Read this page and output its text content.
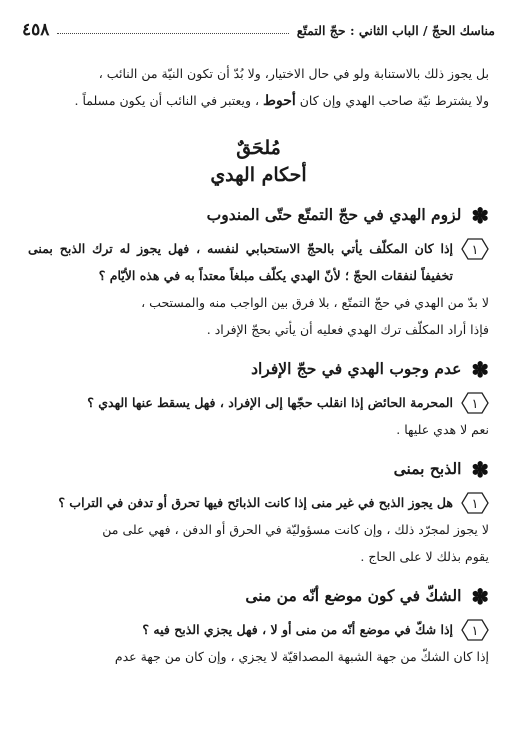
مناسك الحجّ / الباب الثاني : حجّ التمتّع
٤٥٨

بل يجوز ذلك بالاستنابة ولو في حال الاختيار، ولا بُدّ أن تكون النيّة من النائب ،
ولا يشترط نيّة صاحب الهدي وإن كان أحوط ، ويعتبر في النائب أن يكون مسلماً .

مُلحَقٌ
أحكام الهدي
✽
لزوم الهدي في حجّ التمتّع حتّى المندوب
١
إذا كان المكلّف يأتي بالحجّ الاستحبابي لنفسه ، فهل يجوز له ترك الذبح بمنى تخفيفاً لنفقات الحجّ ؛ لأنّ الهدي يكلّف مبلغاً معتداً به في هذه الأيّام ؟

لا بدّ من الهدي في حجّ التمتّع ، بلا فرق بين الواجب منه والمستحب ،
فإذا أراد المكلّف ترك الهدي فعليه أن يأتي بحجّ الإفراد .

✽
عدم وجوب الهدي في حجّ الإفراد
١
المحرمة الحائض إذا انقلب حجّها إلى الإفراد ، فهل يسقط عنها الهدي ؟

نعم لا هدي عليها .

✽
الذبح بمنى
١
هل يجوز الذبح في غير منى إذا كانت الذبائح فيها تحرق أو تدفن في التراب ؟

لا يجوز لمجرّد ذلك ، وإن كانت مسؤوليّة في الحرق أو الدفن ، فهي على من
يقوم بذلك لا على الحاج .

✽
الشكّ في كون موضع أنّه من منى
١
إذا شكّ في موضع أنّه من منى أو لا ، فهل يجزي الذبح فيه ؟

إذا كان الشكّ من جهة الشبهة المصداقيّة لا يجزي ، وإن كان من جهة عدم
